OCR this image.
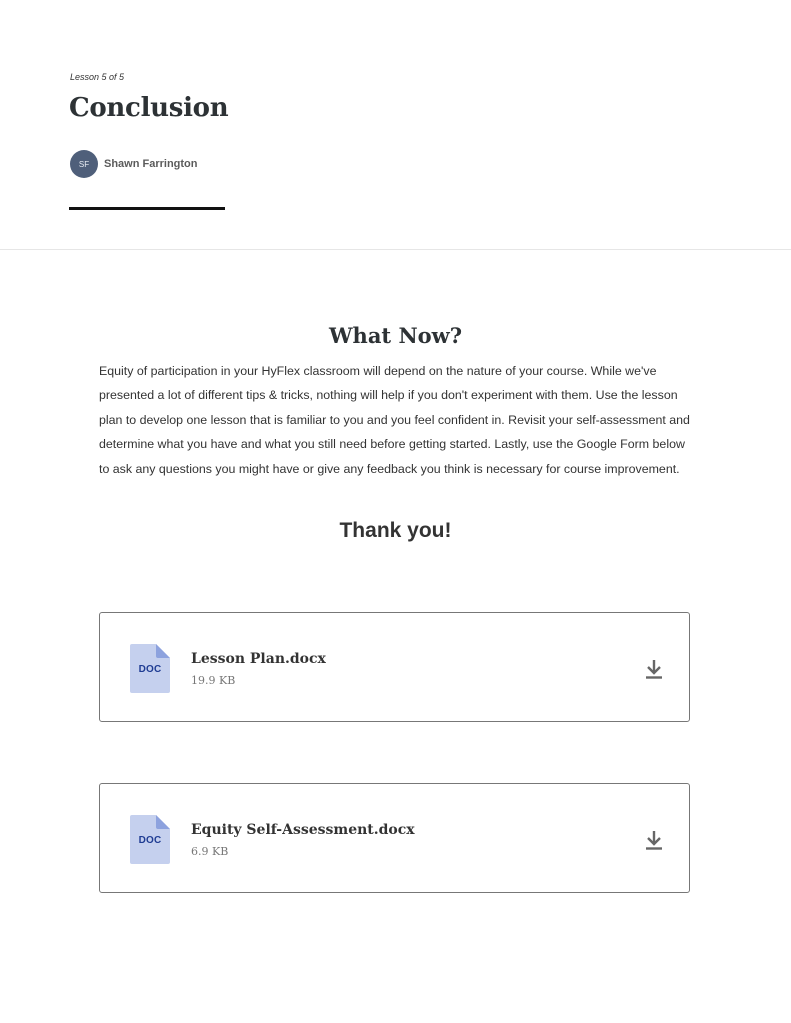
Lesson 5 of 5
Conclusion
SF	Shawn Farrington
What Now?
Equity of participation in your HyFlex classroom will depend on the nature of your course. While we've presented a lot of different tips & tricks, nothing will help if you don't experiment with them. Use the lesson plan to develop one lesson that is familiar to you and you feel confident in. Revisit your self-assessment and determine what you have and what you still need before getting started. Lastly, use the Google Form below to ask any questions you might have or give any feedback you think is necessary for course improvement.
Thank you!
DOC
Lesson Plan.docx
19.9 KB
DOC
Equity Self-Assessment.docx
6.9 KB
